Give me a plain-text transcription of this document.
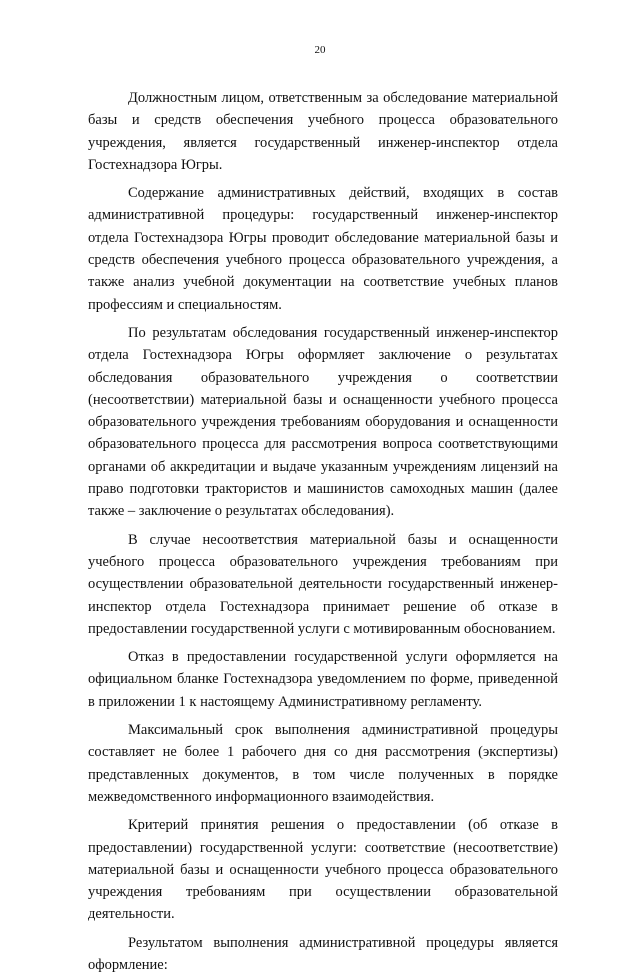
20

Должностным лицом, ответственным за обследование материальной базы и средств обеспечения учебного процесса образовательного учреждения, является государственный инженер-инспектор отдела Гостехнадзора Югры.

Содержание административных действий, входящих в состав административной процедуры: государственный инженер-инспектор отдела Гостехнадзора Югры проводит обследование материальной базы и средств обеспечения учебного процесса образовательного учреждения, а также анализ учебной документации на соответствие учебных планов профессиям и специальностям.

По результатам обследования государственный инженер-инспектор отдела Гостехнадзора Югры оформляет заключение о результатах обследования образовательного учреждения о соответствии (несоответствии) материальной базы и оснащенности учебного процесса образовательного учреждения требованиям оборудования и оснащенности образовательного процесса для рассмотрения вопроса соответствующими органами об аккредитации и выдаче указанным учреждениям лицензий на право подготовки трактористов и машинистов самоходных машин (далее также – заключение о результатах обследования).

В случае несоответствия материальной базы и оснащенности учебного процесса образовательного учреждения требованиям при осуществлении образовательной деятельности государственный инженер-инспектор отдела Гостехнадзора принимает решение об отказе в предоставлении государственной услуги с мотивированным обоснованием.

Отказ в предоставлении государственной услуги оформляется на официальном бланке Гостехнадзора уведомлением по форме, приведенной в приложении 1 к настоящему Административному регламенту.

Максимальный срок выполнения административной процедуры составляет не более 1 рабочего дня со дня рассмотрения (экспертизы) представленных документов, в том числе полученных в порядке межведомственного информационного взаимодействия.

Критерий принятия решения о предоставлении (об отказе в предоставлении) государственной услуги: соответствие (несоответствие) материальной базы и оснащенности учебного процесса образовательного учреждения требованиям при осуществлении образовательной деятельности.

Результатом выполнения административной процедуры является оформление:
